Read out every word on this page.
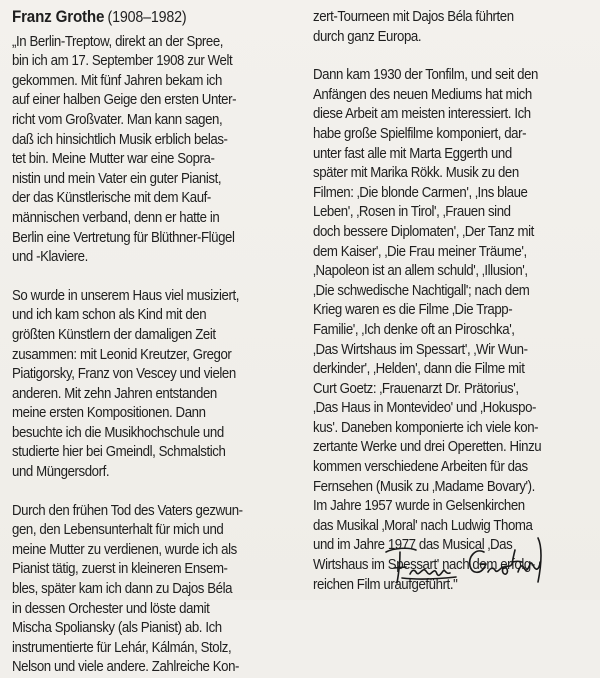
Franz Grothe (1908–1982)
„In Berlin-Treptow, direkt an der Spree,
bin ich am 17. September 1908 zur Welt
gekommen. Mit fünf Jahren bekam ich
auf einer halben Geige den ersten Unter-
richt vom Großvater. Man kann sagen,
daß ich hinsichtlich Musik erblich belas-
tet bin. Meine Mutter war eine Sopra-
nistin und mein Vater ein guter Pianist,
der das Künstlerische mit dem Kauf-
männischen verband, denn er hatte in
Berlin eine Vertretung für Blüthner-Flügel
und -Klaviere.
So wurde in unserem Haus viel musiziert,
und ich kam schon als Kind mit den
größten Künstlern der damaligen Zeit
zusammen: mit Leonid Kreutzer, Gregor
Piatigorsky, Franz von Vescey und vielen
anderen. Mit zehn Jahren entstanden
meine ersten Kompositionen. Dann
besuchte ich die Musikhochschule und
studierte hier bei Gmeindl, Schmalstich
und Müngersdorf.
Durch den frühen Tod des Vaters gezwun-
gen, den Lebensunterhalt für mich und
meine Mutter zu verdienen, wurde ich als
Pianist tätig, zuerst in kleineren Ensem-
bles, später kam ich dann zu Dajos Béla
in dessen Orchester und löste damit
Mischa Spoliansky (als Pianist) ab. Ich
instrumentierte für Lehár, Kálmán, Stolz,
Nelson und viele andere. Zahlreiche Kon-
zert-Tourneen mit Dajos Béla führten
durch ganz Europa.
Dann kam 1930 der Tonfilm, und seit den
Anfängen des neuen Mediums hat mich
diese Arbeit am meisten interessiert. Ich
habe große Spielfilme komponiert, dar-
unter fast alle mit Marta Eggerth und
später mit Marika Rökk. Musik zu den
Filmen: ‚Die blonde Carmen', ‚Ins blaue
Leben', ‚Rosen in Tirol', ‚Frauen sind
doch bessere Diplomaten', ‚Der Tanz mit
dem Kaiser', ‚Die Frau meiner Träume',
‚Napoleon ist an allem schuld', ‚Illusion',
‚Die schwedische Nachtigall'; nach dem
Krieg waren es die Filme ‚Die Trapp-
Familie', ‚Ich denke oft an Piroschka',
‚Das Wirtshaus im Spessart', ‚Wir Wun-
derkinder', ‚Helden', dann die Filme mit
Curt Goetz: ‚Frauenarzt Dr. Prätorius',
‚Das Haus in Montevideo' und ‚Hokuspo-
kus'. Daneben komponierte ich viele kon-
zertante Werke und drei Operetten. Hinzu
kommen verschiedene Arbeiten für das
Fernsehen (Musik zu ‚Madame Bovary').
Im Jahre 1957 wurde in Gelsenkirchen
das Musikal ‚Moral' nach Ludwig Thoma
und im Jahre 1977 das Musical ‚Das
Wirtshaus im Spessart' nach dem erfolg-
reichen Film uraufgeführt."
